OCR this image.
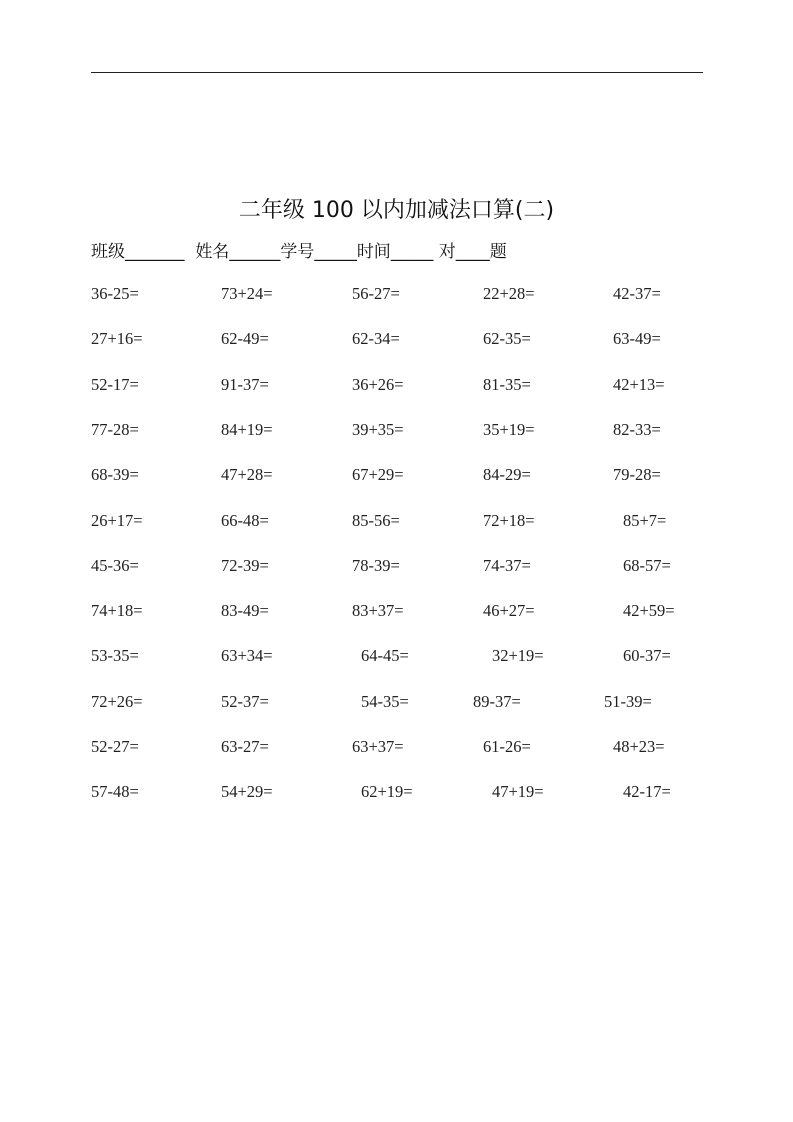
二年级 100 以内加减法口算(二)
班级_______ 姓名______学号_____时间_____ 对____题
36-25=	73+24=	56-27=	22+28=	42-37=
27+16=	62-49=	62-34=	62-35=	63-49=
52-17=	91-37=	36+26=	81-35=	42+13=
77-28=	84+19=	39+35=	35+19=	82-33=
68-39=	47+28=	67+29=	84-29=	79-28=
26+17=	66-48=	85-56=	72+18=	85+7=
45-36=	72-39=	78-39=	74-37=	68-57=
74+18=	83-49=	83+37=	46+27=	42+59=
53-35=	63+34=	64-45=	32+19=	60-37=
72+26=	52-37=	54-35=	89-37=	51-39=
52-27=	63-27=	63+37=	61-26=	48+23=
57-48=	54+29=	62+19=	47+19=	42-17=
